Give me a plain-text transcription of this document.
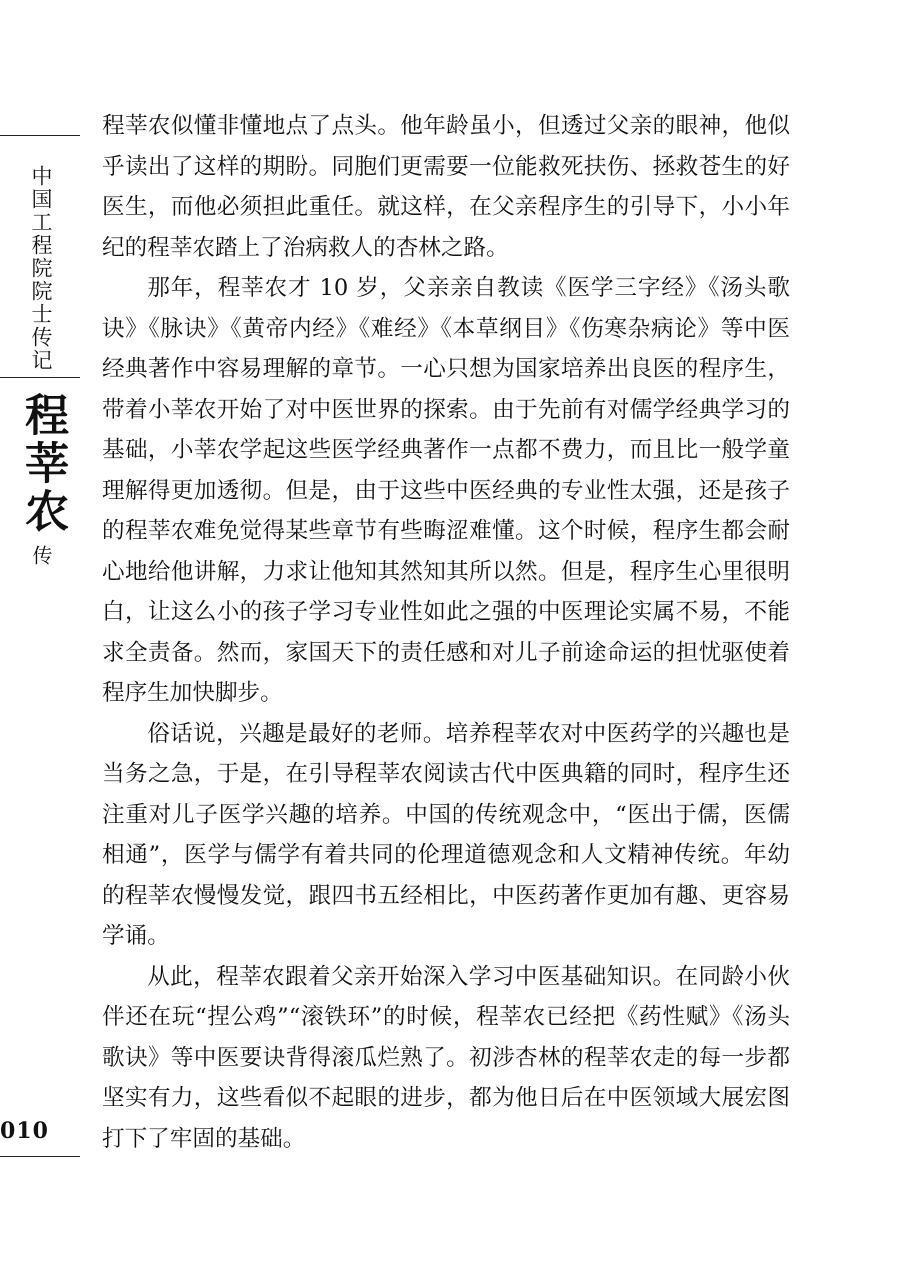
中国工程院院士传记
程莘农
传
010

程莘农似懂非懂地点了点头。他年龄虽小，但透过父亲的眼神，他似乎读出了这样的期盼。同胞们更需要一位能救死扶伤、拯救苍生的好医生，而他必须担此重任。就这样，在父亲程序生的引导下，小小年纪的程莘农踏上了治病救人的杏林之路。

那年，程莘农才 10 岁，父亲亲自教读《医学三字经》《汤头歌诀》《脉诀》《黄帝内经》《难经》《本草纲目》《伤寒杂病论》等中医经典著作中容易理解的章节。一心只想为国家培养出良医的程序生，带着小莘农开始了对中医世界的探索。由于先前有对儒学经典学习的基础，小莘农学起这些医学经典著作一点都不费力，而且比一般学童理解得更加透彻。但是，由于这些中医经典的专业性太强，还是孩子的程莘农难免觉得某些章节有些晦涩难懂。这个时候，程序生都会耐心地给他讲解，力求让他知其然知其所以然。但是，程序生心里很明白，让这么小的孩子学习专业性如此之强的中医理论实属不易，不能求全责备。然而，家国天下的责任感和对儿子前途命运的担忧驱使着程序生加快脚步。

俗话说，兴趣是最好的老师。培养程莘农对中医药学的兴趣也是当务之急，于是，在引导程莘农阅读古代中医典籍的同时，程序生还注重对儿子医学兴趣的培养。中国的传统观念中，“医出于儒，医儒相通”，医学与儒学有着共同的伦理道德观念和人文精神传统。年幼的程莘农慢慢发觉，跟四书五经相比，中医药著作更加有趣、更容易学诵。

从此，程莘农跟着父亲开始深入学习中医基础知识。在同龄小伙伴还在玩“捏公鸡”“滚铁环”的时候，程莘农已经把《药性赋》《汤头歌诀》等中医要诀背得滚瓜烂熟了。初涉杏林的程莘农走的每一步都坚实有力，这些看似不起眼的进步，都为他日后在中医领域大展宏图打下了牢固的基础。
